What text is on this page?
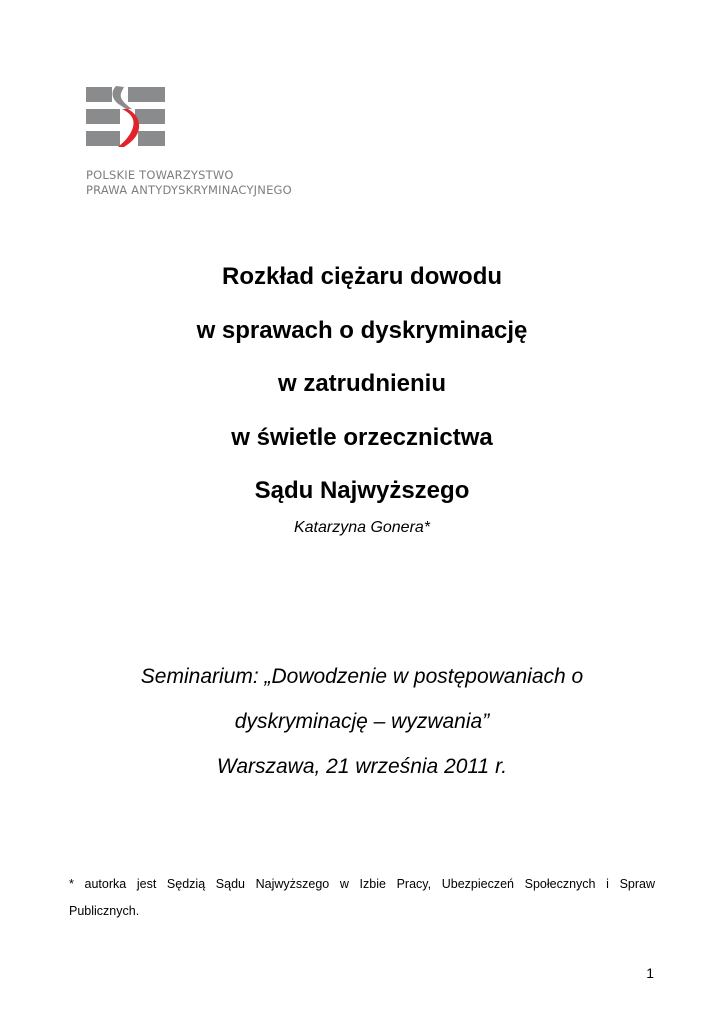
POLSKIE TOWARZYSTWO
PRAWA ANTYDYSKRYMINACYJNEGO
Rozkład ciężaru dowodu
w sprawach o dyskryminację
w zatrudnieniu
w świetle orzecznictwa
Sądu Najwyższego
Katarzyna Gonera*
Seminarium: „Dowodzenie w postępowaniach o
dyskryminację – wyzwania”
Warszawa, 21 września 2011 r.
* autorka jest Sędzią Sądu Najwyższego w Izbie Pracy, Ubezpieczeń Społecznych i Spraw
Publicznych.
1
